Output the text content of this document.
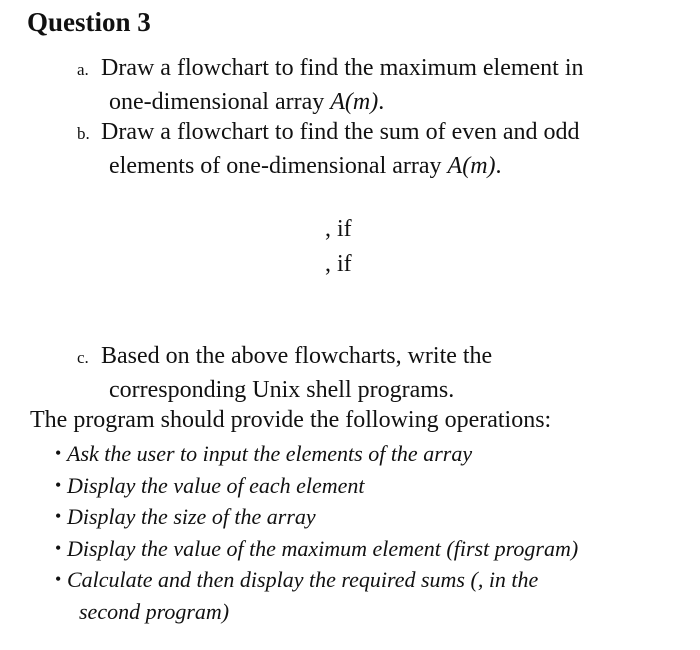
Question 3
a. Draw a flowchart to find the maximum element in
one-dimensional array A(m).
b. Draw a flowchart to find the sum of even and odd
elements of one-dimensional array A(m).
, if
, if
c. Based on the above flowcharts, write the
corresponding Unix shell programs.
The program should provide the following operations:
• Ask the user to input the elements of the array
• Display the value of each element
• Display the size of the array
• Display the value of the maximum element (first program)
• Calculate and then display the required sums (, in the
second program)
